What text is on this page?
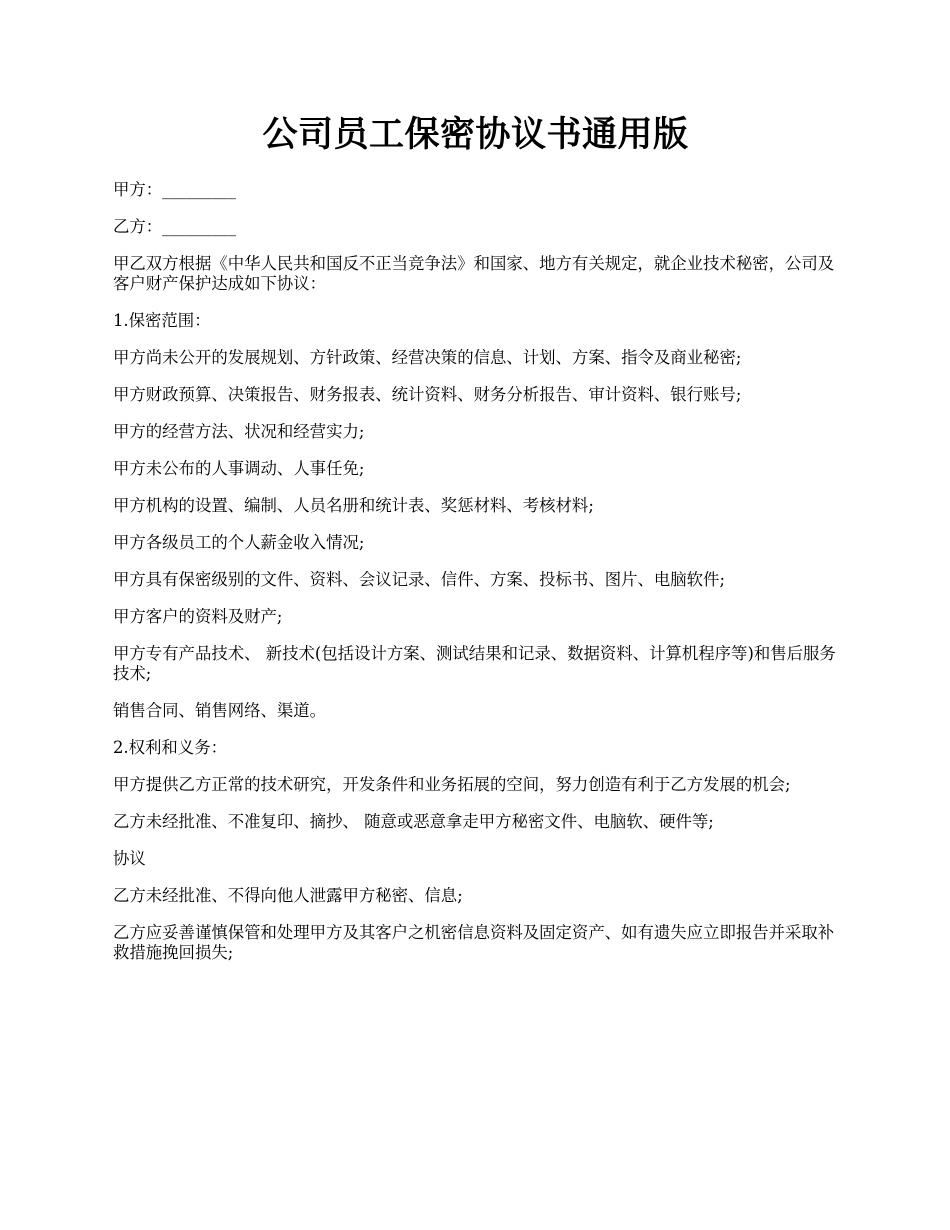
公司员工保密协议书通用版

甲方：_________

乙方：_________

甲乙双方根据《中华人民共和国反不正当竞争法》和国家、地方有关规定，就企业技术秘密，公司及客户财产保护达成如下协议：

1.保密范围：

甲方尚未公开的发展规划、方针政策、经营决策的信息、计划、方案、指令及商业秘密;

甲方财政预算、决策报告、财务报表、统计资料、财务分析报告、审计资料、银行账号;

甲方的经营方法、状况和经营实力;

甲方未公布的人事调动、人事任免;

甲方机构的设置、编制、人员名册和统计表、奖惩材料、考核材料;

甲方各级员工的个人薪金收入情况;

甲方具有保密级别的文件、资料、会议记录、信件、方案、投标书、图片、电脑软件;

甲方客户的资料及财产;

甲方专有产品技术、 新技术(包括设计方案、测试结果和记录、数据资料、计算机程序等)和售后服务技术;

销售合同、销售网络、渠道。

2.权利和义务：

甲方提供乙方正常的技术研究，开发条件和业务拓展的空间，努力创造有利于乙方发展的机会;

乙方未经批准、不准复印、摘抄、 随意或恶意拿走甲方秘密文件、电脑软、硬件等;

协议

乙方未经批准、不得向他人泄露甲方秘密、信息;

乙方应妥善谨慎保管和处理甲方及其客户之机密信息资料及固定资产、如有遗失应立即报告并采取补救措施挽回损失;
